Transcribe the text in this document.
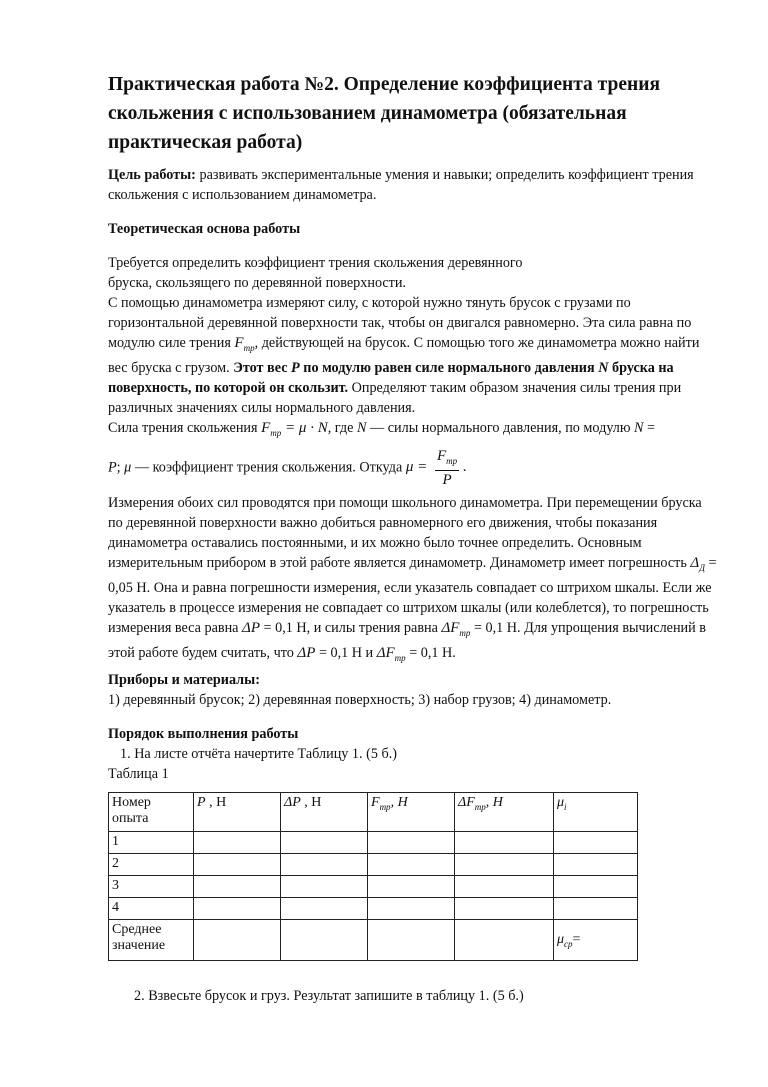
Практическая работа №2. Определение коэффициента трения скольжения с использованием динамометра (обязательная практическая работа)

Цель работы: развивать экспериментальные умения и навыки; определить коэффициент трения скольжения с использованием динамометра.

Теоретическая основа работы

Требуется определить коэффициент трения скольжения деревянного
бруска, скользящего по деревянной поверхности.

С помощью динамометра измеряют силу, с которой нужно тянуть брусок с грузами по горизонтальной деревянной поверхности так, чтобы он двигался равномерно. Эта сила равна по модулю силе трения $F_{тр}$, действующей на брусок. С помощью того же динамометра можно найти вес бруска с грузом. Этот вес P по модулю равен силе нормального давления N бруска на поверхность, по которой он скользит. Определяют таким образом значения силы трения при различных значениях силы нормального давления.

Сила трения скольжения $F_{тр} = \mu \cdot N$, где N — силы нормального давления, по модулю N =

P; μ — коэффициент трения скольжения. Откуда $\mu = \frac{F_{тр}}{P}$ .

Измерения обоих сил проводятся при помощи школьного динамометра. При перемещении бруска по деревянной поверхности важно добиться равномерного его движения, чтобы показания динамометра оставались постоянными, и их можно было точнее определить. Основным измерительным прибором в этой работе является динамометр. Динамометр имеет погрешность $\Delta_Д = 0,05$ Н. Она и равна погрешности измерения, если указатель совпадает со штрихом шкалы. Если же указатель в процессе измерения не совпадает со штрихом шкалы (или колеблется), то погрешность измерения веса равна ΔP = 0,1 Н, и силы трения равна $\Delta F_{тр} = 0,1$ Н. Для упрощения вычислений в этой работе будем считать, что ΔP = 0,1 Н и $\Delta F_{тр} = 0,1$ Н.

Приборы и материалы:

1) деревянный брусок; 2) деревянная поверхность; 3) набор грузов; 4) динамометр.

Порядок выполнения работы

1. На листе отчёта начертите Таблицу 1. (5 б.)

Таблица 1

Номер опыта	P , Н	ΔP , Н	$F_{тр}$, H	$\Delta F_{тр}$, H	$\mu_i$
1					
2					
3					
4					
Среднее значение					$\mu_{ср}=$

2. Взвесьте брусок и груз. Результат запишите в таблицу 1. (5 б.)
